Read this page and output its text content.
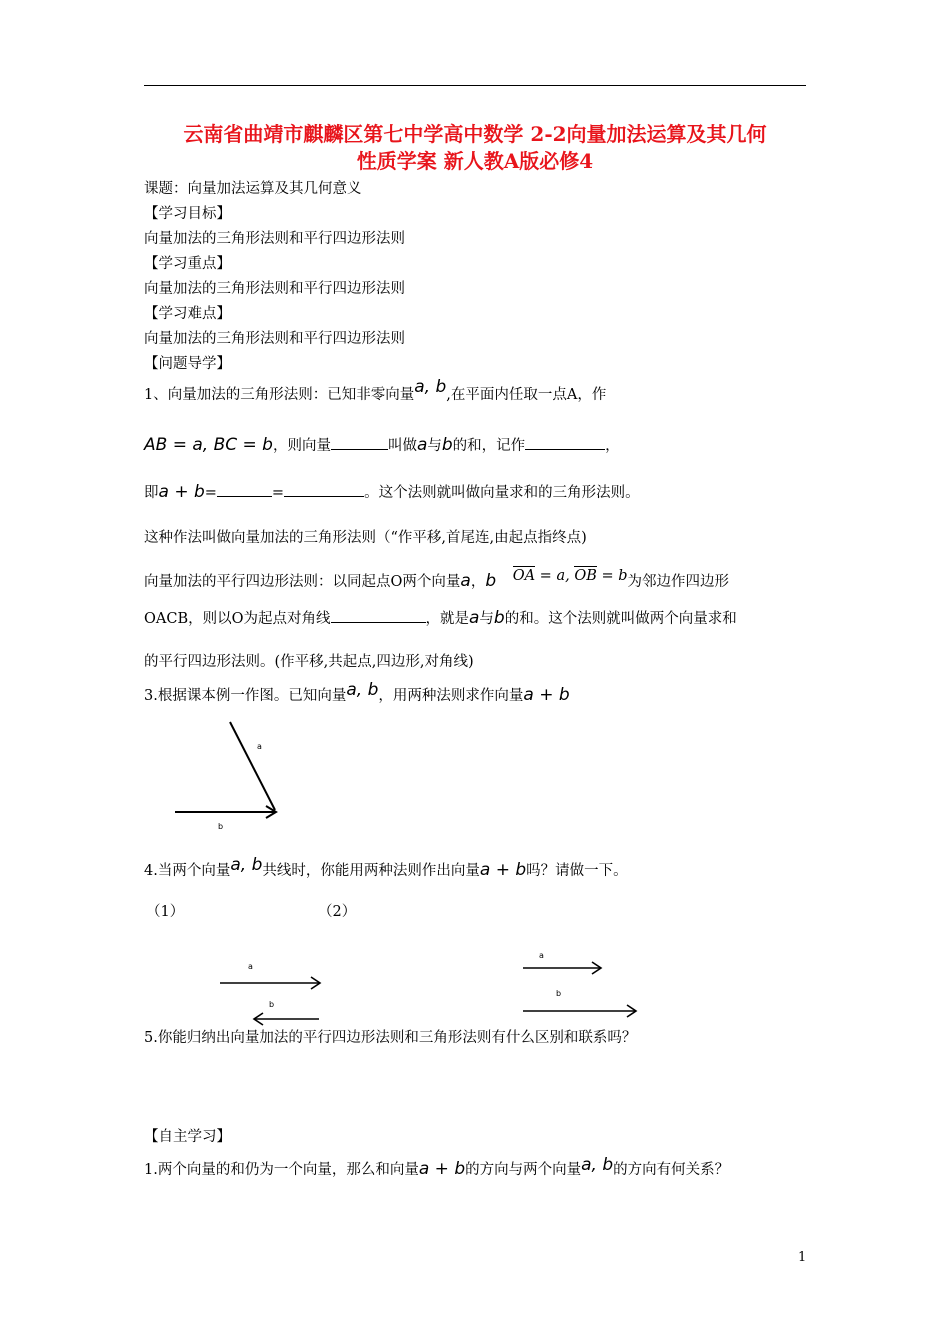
云南省曲靖市麒麟区第七中学高中数学 2-2向量加法运算及其几何
性质学案 新人教A版必修4
课题：向量加法运算及其几何意义
【学习目标】
向量加法的三角形法则和平行四边形法则
【学习重点】
向量加法的三角形法则和平行四边形法则
【学习难点】
向量加法的三角形法则和平行四边形法则
【问题导学】
1、向量加法的三角形法则：已知非零向量a, b,在平面内任取一点A，作
AB = a, BC = b，则向量	叫做a与b的和，记作	，
即a + b=	=	。这个法则就叫做向量求和的三角形法则。
这种作法叫做向量加法的三角形法则（“作平移,首尾连,由起点指终点)
向量加法的平行四边形法则：以同起点O两个向量a，b OA = a, OB = b为邻边作四边形
OACB，则以O为起点对角线	，就是a与b的和。这个法则就叫做两个向量求和
的平行四边形法则。(作平移,共起点,四边形,对角线)
3.根据课本例一作图。已知向量a, b，用两种法则求作向量a + b
a
b
4.当两个向量a, b共线时，你能用两种法则作出向量a + b吗？请做一下。
（1）	（2）
a
b
a
b
5.你能归纳出向量加法的平行四边形法则和三角形法则有什么区别和联系吗？
【自主学习】
1.两个向量的和仍为一个向量，那么和向量a + b的方向与两个向量a, b的方向有何关系？
1
